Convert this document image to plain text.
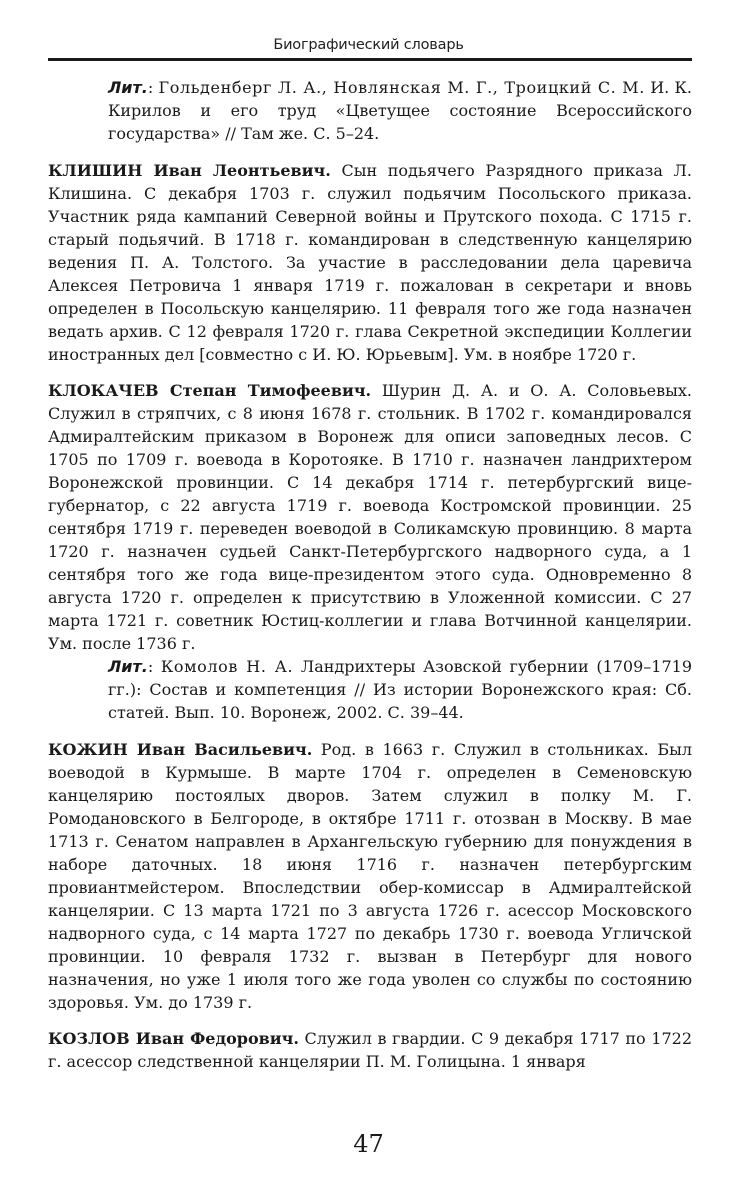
Биографический словарь

Лит.: Гольденберг Л. А., Новлянская М. Г., Троицкий С. М. И. К. Кирилов и его труд «Цветущее состояние Всероссийского государства» // Там же. С. 5–24.

КЛИШИН Иван Леонтьевич. Сын подьячего Разрядного приказа Л. Клишина. С декабря 1703 г. служил подьячим Посольского приказа. Участник ряда кампаний Северной войны и Прутского похода. С 1715 г. старый подьячий. В 1718 г. командирован в следственную канцелярию ведения П. А. Толстого. За участие в расследовании дела царевича Алексея Петровича 1 января 1719 г. пожалован в секретари и вновь определен в Посольскую канцелярию. 11 февраля того же года назначен ведать архив. С 12 февраля 1720 г. глава Секретной экспедиции Коллегии иностранных дел [совместно с И. Ю. Юрьевым]. Ум. в ноябре 1720 г.

КЛОКАЧЕВ Степан Тимофеевич. Шурин Д. А. и О. А. Соловьевых. Служил в стряпчих, с 8 июня 1678 г. стольник. В 1702 г. командировался Адмиралтейским приказом в Воронеж для описи заповедных лесов. С 1705 по 1709 г. воевода в Коротояке. В 1710 г. назначен ландрихтером Воронежской провинции. С 14 декабря 1714 г. петербургский вице-губернатор, с 22 августа 1719 г. воевода Костромской провинции. 25 сентября 1719 г. переведен воеводой в Соликамскую провинцию. 8 марта 1720 г. назначен судьей Санкт-Петербургского надворного суда, а 1 сентября того же года вице-президентом этого суда. Одновременно 8 августа 1720 г. определен к присутствию в Уложенной комиссии. С 27 марта 1721 г. советник Юстиц-коллегии и глава Вотчинной канцелярии. Ум. после 1736 г.

Лит.: Комолов Н. А. Ландрихтеры Азовской губернии (1709–1719 гг.): Состав и компетенция // Из истории Воронежского края: Сб. статей. Вып. 10. Воронеж, 2002. С. 39–44.

КОЖИН Иван Васильевич. Род. в 1663 г. Служил в стольниках. Был воеводой в Курмыше. В марте 1704 г. определен в Семеновскую канцелярию постоялых дворов. Затем служил в полку М. Г. Ромодановского в Белгороде, в октябре 1711 г. отозван в Москву. В мае 1713 г. Сенатом направлен в Архангельскую губернию для понуждения в наборе даточных. 18 июня 1716 г. назначен петербургским провиантмейстером. Впоследствии обер-комиссар в Адмиралтейской канцелярии. С 13 марта 1721 по 3 августа 1726 г. асессор Московского надворного суда, с 14 марта 1727 по декабрь 1730 г. воевода Угличской провинции. 10 февраля 1732 г. вызван в Петербург для нового назначения, но уже 1 июля того же года уволен со службы по состоянию здоровья. Ум. до 1739 г.

КОЗЛОВ Иван Федорович. Служил в гвардии. С 9 декабря 1717 по 1722 г. асессор следственной канцелярии П. М. Голицына. 1 января

47
